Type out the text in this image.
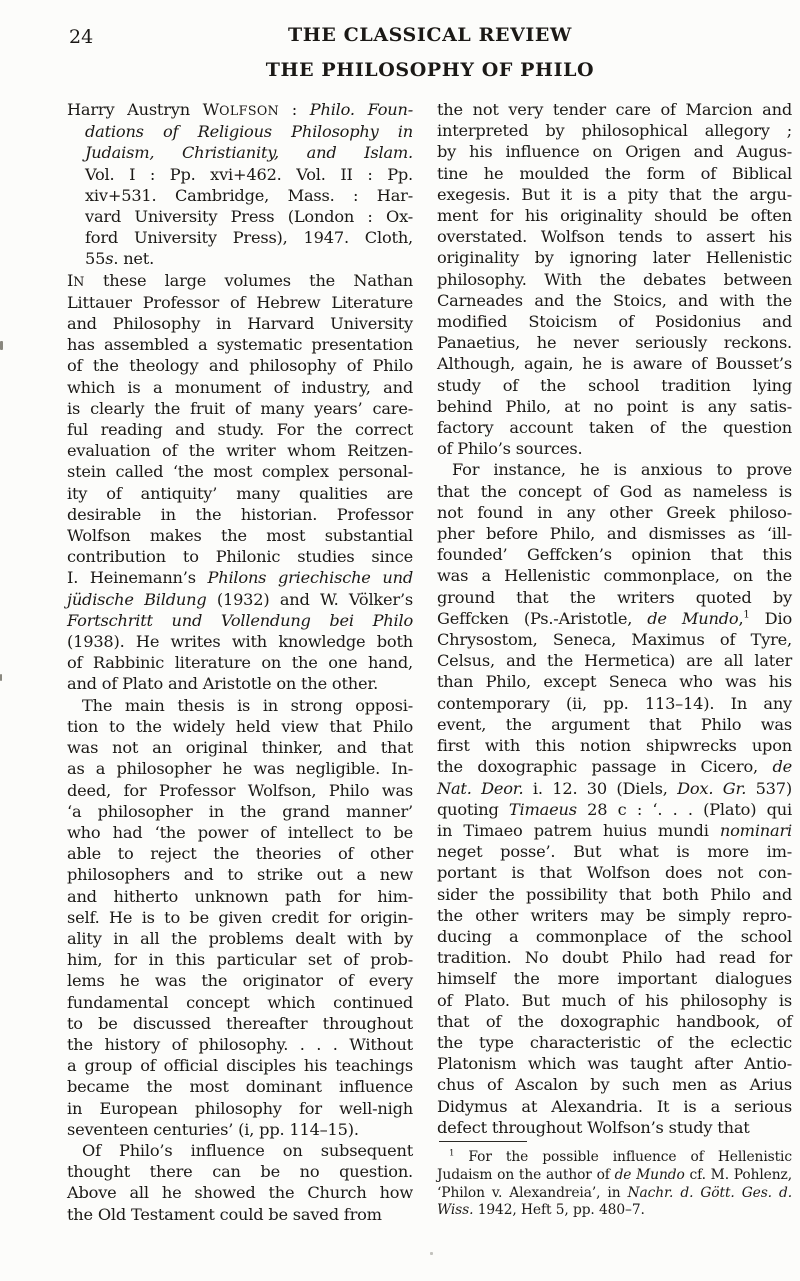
24	THE CLASSICAL REVIEW
THE PHILOSOPHY OF PHILO
Harry Austryn WOLFSON : Philo. Foun-
dations of Religious Philosophy in
Judaism, Christianity, and Islam.
Vol. I : Pp. xvi+462. Vol. II : Pp.
xiv+531. Cambridge, Mass. : Har-
vard University Press (London : Ox-
ford University Press), 1947. Cloth,
55s. net.
IN these large volumes the Nathan
Littauer Professor of Hebrew Literature
and Philosophy in Harvard University
has assembled a systematic presentation
of the theology and philosophy of Philo
which is a monument of industry, and
is clearly the fruit of many years’ care-
ful reading and study. For the correct
evaluation of the writer whom Reitzen-
stein called ‘the most complex personal-
ity of antiquity’ many qualities are
desirable in the historian. Professor
Wolfson makes the most substantial
contribution to Philonic studies since
I. Heinemann’s Philons griechische und
jüdische Bildung (1932) and W. Völker’s
Fortschritt und Vollendung bei Philo
(1938). He writes with knowledge both
of Rabbinic literature on the one hand,
and of Plato and Aristotle on the other.
The main thesis is in strong opposi-
tion to the widely held view that Philo
was not an original thinker, and that
as a philosopher he was negligible. In-
deed, for Professor Wolfson, Philo was
‘a philosopher in the grand manner’
who had ‘the power of intellect to be
able to reject the theories of other
philosophers and to strike out a new
and hitherto unknown path for him-
self. He is to be given credit for origin-
ality in all the problems dealt with by
him, for in this particular set of prob-
lems he was the originator of every
fundamental concept which continued
to be discussed thereafter throughout
the history of philosophy. . . . Without
a group of official disciples his teachings
became the most dominant influence
in European philosophy for well-nigh
seventeen centuries’ (i, pp. 114–15).
Of Philo’s influence on subsequent
thought there can be no question.
Above all he showed the Church how
the Old Testament could be saved from
the not very tender care of Marcion and
interpreted by philosophical allegory ;
by his influence on Origen and Augus-
tine he moulded the form of Biblical
exegesis. But it is a pity that the argu-
ment for his originality should be often
overstated. Wolfson tends to assert his
originality by ignoring later Hellenistic
philosophy. With the debates between
Carneades and the Stoics, and with the
modified Stoicism of Posidonius and
Panaetius, he never seriously reckons.
Although, again, he is aware of Bousset’s
study of the school tradition lying
behind Philo, at no point is any satis-
factory account taken of the question
of Philo’s sources.
For instance, he is anxious to prove
that the concept of God as nameless is
not found in any other Greek philoso-
pher before Philo, and dismisses as ‘ill-
founded’ Geffcken’s opinion that this
was a Hellenistic commonplace, on the
ground that the writers quoted by
Geffcken (Ps.-Aristotle, de Mundo,$^1$ Dio
Chrysostom, Seneca, Maximus of Tyre,
Celsus, and the Hermetica) are all later
than Philo, except Seneca who was his
contemporary (ii, pp. 113–14). In any
event, the argument that Philo was
first with this notion shipwrecks upon
the doxographic passage in Cicero, de
Nat. Deor. i. 12. 30 (Diels, Dox. Gr. 537)
quoting Timaeus 28 c : ‘. . . (Plato) qui
in Timaeo patrem huius mundi nominari
neget posse’. But what is more im-
portant is that Wolfson does not con-
sider the possibility that both Philo and
the other writers may be simply repro-
ducing a commonplace of the school
tradition. No doubt Philo had read for
himself the more important dialogues
of Plato. But much of his philosophy is
that of the doxographic handbook, of
the type characteristic of the eclectic
Platonism which was taught after Antio-
chus of Ascalon by such men as Arius
Didymus at Alexandria. It is a serious
defect throughout Wolfson’s study that
$^1$ For the possible influence of Hellenistic
Judaism on the author of de Mundo cf. M. Pohlenz,
‘Philon v. Alexandreia’, in Nachr. d. Gött. Ges. d.
Wiss. 1942, Heft 5, pp. 480–7.
